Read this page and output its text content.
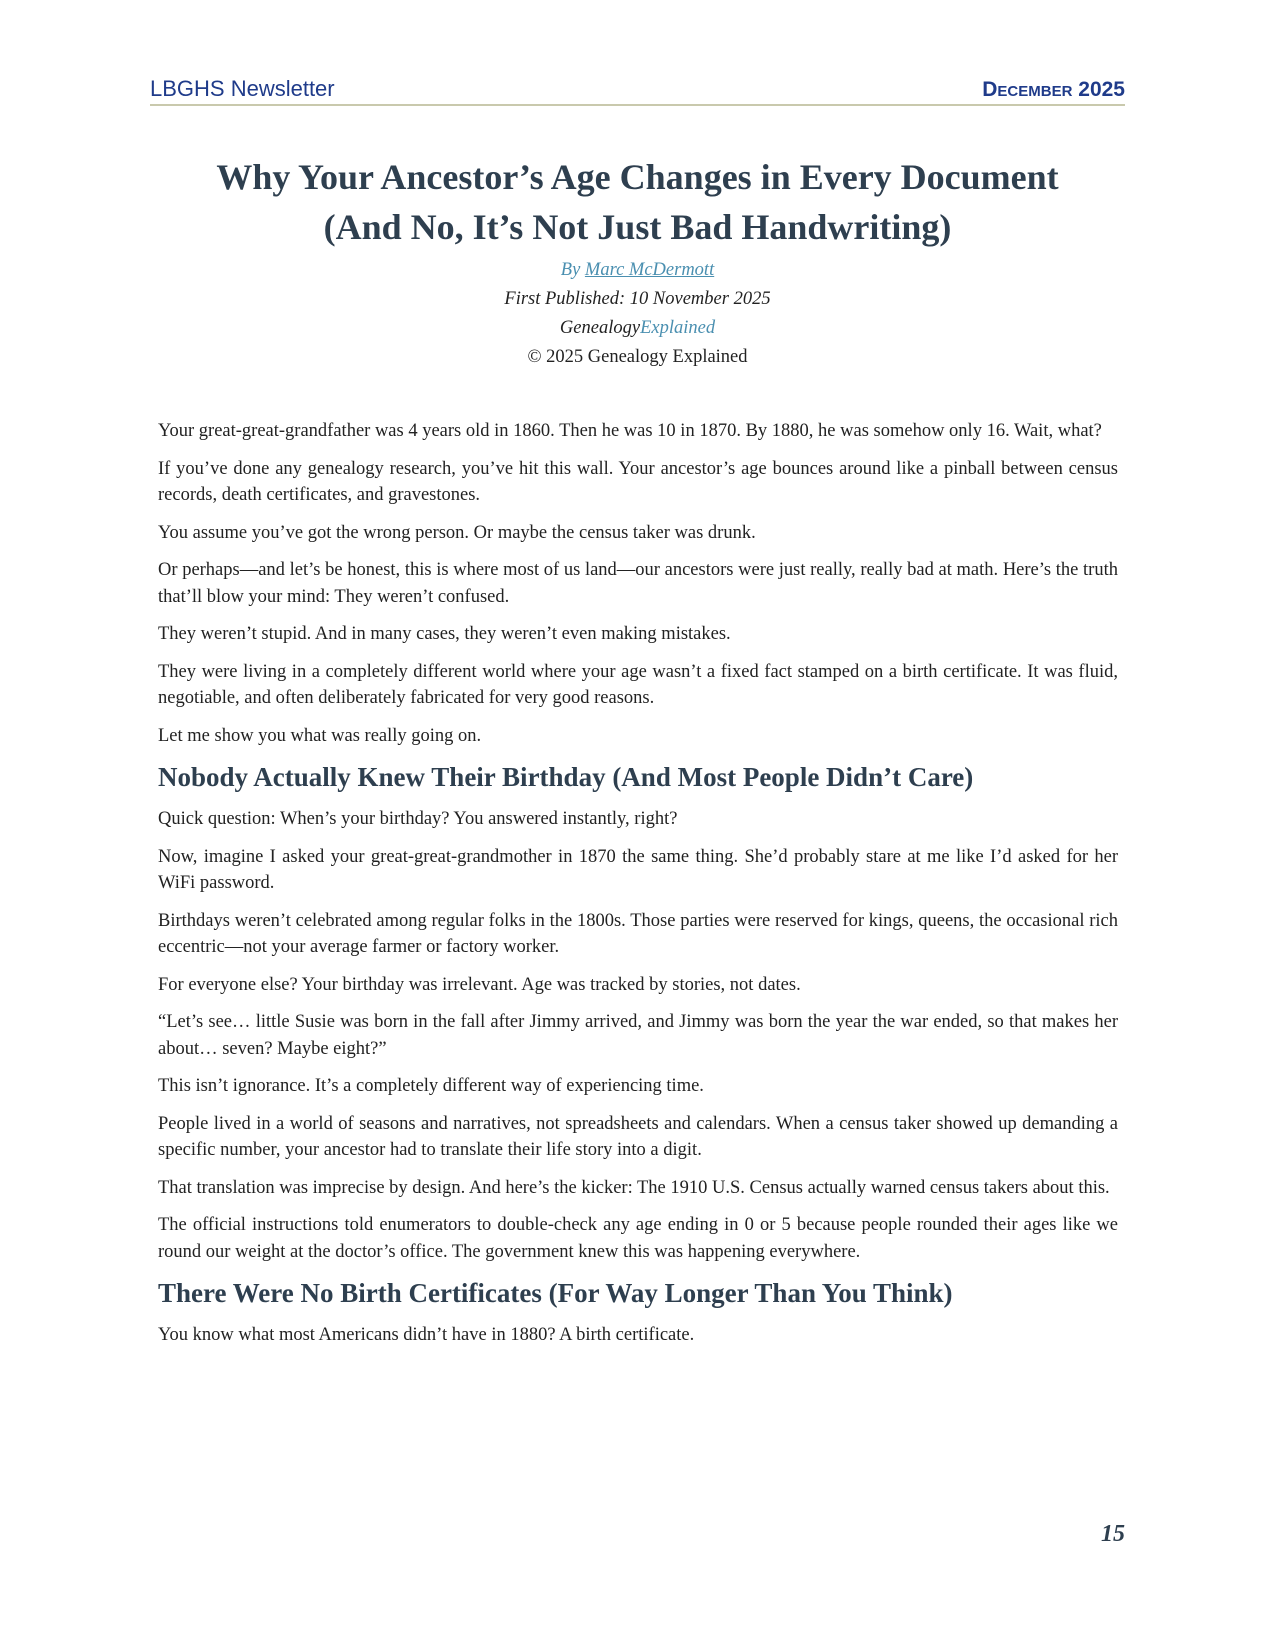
LBGHS Newsletter	December 2025
Why Your Ancestor’s Age Changes in Every Document
(And No, It’s Not Just Bad Handwriting)
By Marc McDermott
First Published: 10 November 2025
GenealogyExplained
© 2025 Genealogy Explained

Your great-great-grandfather was 4 years old in 1860. Then he was 10 in 1870. By 1880, he was somehow only 16. Wait, what?

If you’ve done any genealogy research, you’ve hit this wall. Your ancestor’s age bounces around like a pinball between census records, death certificates, and gravestones.

You assume you’ve got the wrong person. Or maybe the census taker was drunk.

Or perhaps—and let’s be honest, this is where most of us land—our ancestors were just really, really bad at math. Here’s the truth that’ll blow your mind: They weren’t confused.

They weren’t stupid. And in many cases, they weren’t even making mistakes.

They were living in a completely different world where your age wasn’t a fixed fact stamped on a birth certificate. It was fluid, negotiable, and often deliberately fabricated for very good reasons.

Let me show you what was really going on.

Nobody Actually Knew Their Birthday (And Most People Didn’t Care)

Quick question: When’s your birthday? You answered instantly, right?

Now, imagine I asked your great-great-grandmother in 1870 the same thing. She’d probably stare at me like I’d asked for her WiFi password.

Birthdays weren’t celebrated among regular folks in the 1800s. Those parties were reserved for kings, queens, the occasional rich eccentric—not your average farmer or factory worker.

For everyone else? Your birthday was irrelevant. Age was tracked by stories, not dates.

“Let’s see… little Susie was born in the fall after Jimmy arrived, and Jimmy was born the year the war ended, so that makes her about… seven? Maybe eight?”

This isn’t ignorance. It’s a completely different way of experiencing time.

People lived in a world of seasons and narratives, not spreadsheets and calendars. When a census taker showed up demanding a specific number, your ancestor had to translate their life story into a digit.

That translation was imprecise by design. And here’s the kicker: The 1910 U.S. Census actually warned census takers about this.

The official instructions told enumerators to double-check any age ending in 0 or 5 because people rounded their ages like we round our weight at the doctor’s office. The government knew this was happening everywhere.

There Were No Birth Certificates (For Way Longer Than You Think)

You know what most Americans didn’t have in 1880? A birth certificate.

15
